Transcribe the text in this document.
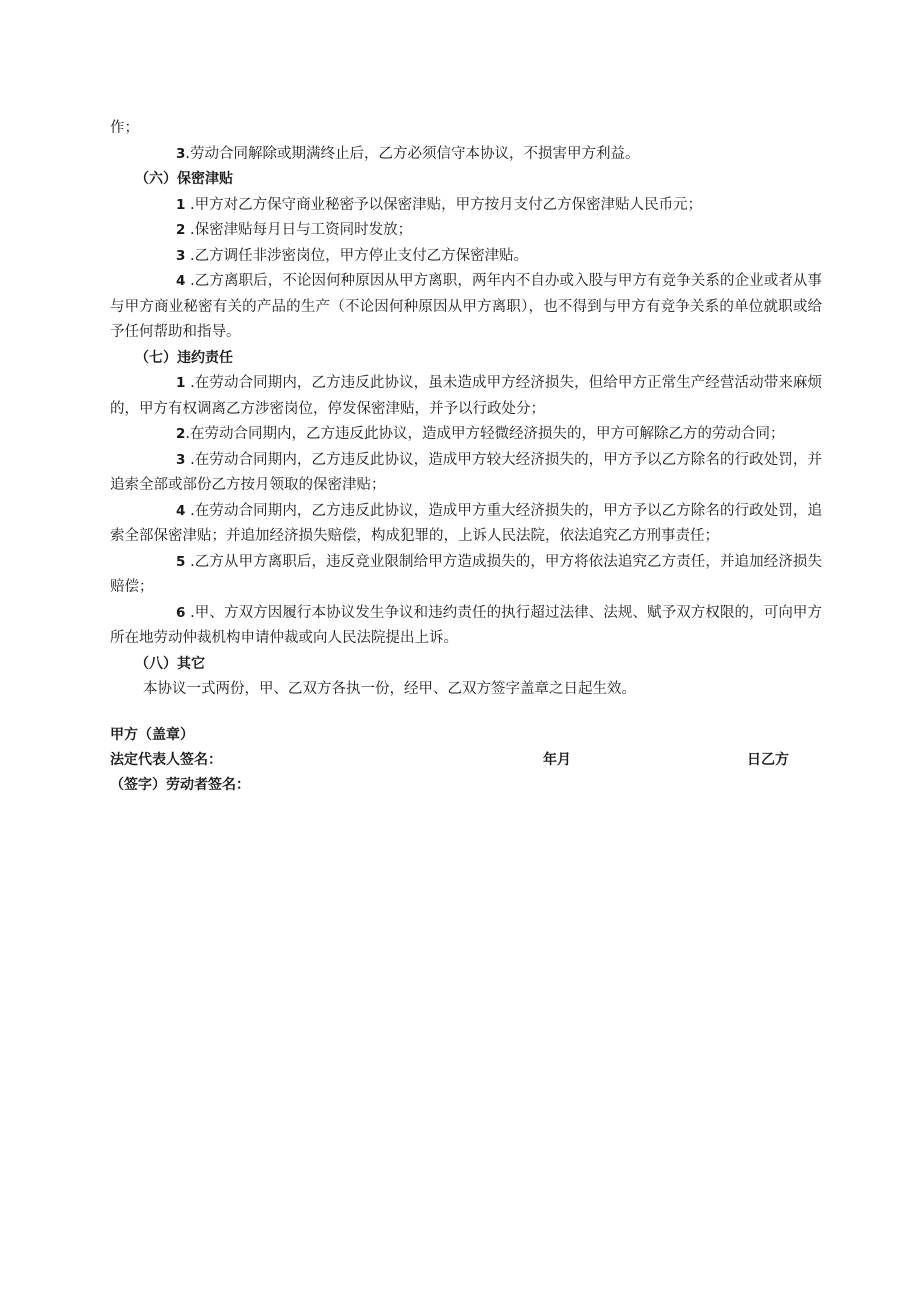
作；

3.劳动合同解除或期满终止后，乙方必须信守本协议，不损害甲方利益。

（六）保密津贴

1 .甲方对乙方保守商业秘密予以保密津贴，甲方按月支付乙方保密津贴人民币元；

2 .保密津贴每月日与工资同时发放；

3 .乙方调任非涉密岗位，甲方停止支付乙方保密津贴。

4 .乙方离职后，不论因何种原因从甲方离职，两年内不自办或入股与甲方有竞争关系的企业或者从事与甲方商业秘密有关的产品的生产（不论因何种原因从甲方离职），也不得到与甲方有竞争关系的单位就职或给予任何帮助和指导。

（七）违约责任

1 .在劳动合同期内，乙方违反此协议，虽未造成甲方经济损失，但给甲方正常生产经营活动带来麻烦的，甲方有权调离乙方涉密岗位，停发保密津贴，并予以行政处分；

2.在劳动合同期内，乙方违反此协议，造成甲方轻微经济损失的，甲方可解除乙方的劳动合同；

3 .在劳动合同期内，乙方违反此协议，造成甲方较大经济损失的，甲方予以乙方除名的行政处罚，并追索全部或部份乙方按月领取的保密津贴；

4 .在劳动合同期内，乙方违反此协议，造成甲方重大经济损失的，甲方予以乙方除名的行政处罚，追索全部保密津贴；并追加经济损失赔偿，构成犯罪的，上诉人民法院，依法追究乙方刑事责任；

5 .乙方从甲方离职后，违反竞业限制给甲方造成损失的，甲方将依法追究乙方责任，并追加经济损失赔偿；

6 .甲、方双方因履行本协议发生争议和违约责任的执行超过法律、法规、赋予双方权限的，可向甲方所在地劳动仲裁机构申请仲裁或向人民法院提出上诉。

（八）其它

本协议一式两份，甲、乙双方各执一份，经甲、乙双方签字盖章之日起生效。

甲方（盖章）

法定代表人签名：	年月	日乙方

（签字）劳动者签名：
